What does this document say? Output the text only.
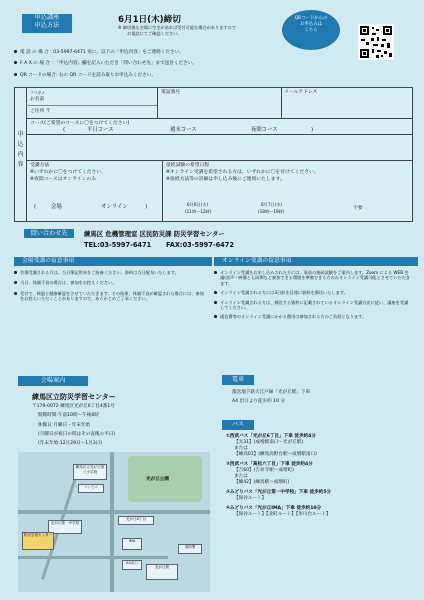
申込講座
申込方法
6月1日(木)締切
※ 締切後も会場に空きがあれば受付可能な場合がありますので
お電話にてご確認ください。
QRコードからの
お申込みは
こちら
電 話 の 場 合 : 03-5997-6471 宛に、以下の「申込内容」をご連絡ください。
F A X の 場 合 : 「申込内容」欄を記入いただき「問い合わせ先」まで送付ください。
QR コードの場合: 右の QR コードを読み取りお申込みください。
申
込
内
容
フリガナ
お名前
電話番号	メールアドレス
ご住所 〒
コース(ご希望のコースに〇をつけてください)
(	平日コース	週末コース	夜間コース	)
受講方法
※いずれかに〇をつけてください。
※夜間コースはオンラインのみ
(	会場	オンライン	)
接続試験の希望日程
※オンライン受講を希望される方は、いずれかに〇を付けてください。
※接続方法等の詳細は申し込み後にご連絡いたします。
6月6日(火)
(11時～12時)
6月7日(水)
(18時～19時)
不要
問い合わせ先	練馬区 危機管理室 区民防災課 防災学習センター
TEL:03-5997-6471 FAX:03-5997-6472
会場受講の留意事項
会場受講される方は、当日筆記用具をご持参ください。資料は当日配布いたします。
当日、体調不良の場合は、参加をお控えください。
受付で、検温と健康確認をさせていただきます。その結果、体調不良が確認された場合には、参加をお控えいただくことがありますので、あらかじめご了承ください。
オンライン受講の留意事項
オンライン受講をお申し込みされた方には、事前の接続試験をご案内します。Zoom による WEB 会議(音声・映像とも同期など参加できる環境を準備できる方のみオンライン受講可能とさせていただきます。
オンライン受講される方には3日前を目途に資料を郵送いたします。
オンライン受講される方は、郵送する資料に記載されているオンライン受講方法に従い、講座を受講してください。
通信費等のオンライン受講にかかる費用は参加される方のご負担となります。
会場案内
練馬区立防災学習センター
〒179-0072 練馬区光が丘6丁目4番1号
開館時間:午前10時～午後6時
休館日:月曜日・年末年始
(月曜日が祝日の時はその直後の平日)
(年末年始:12月29日～1月3日)
光が丘公園
練馬区立光が丘第八小学校
コンビニ
光が丘6丁目
光が丘第一中学校
防災学習センター
IMA
A4出口
光が丘駅
消防署
電車
都営地下鉄大江戸線「光が丘駅」下車
A4 出口より徒歩約 10 分
バス
①西武バス「光が丘6丁目」下車 徒歩約4分
【光31】(成増駅南口～光が丘駅)
または
【練高01】(練馬高野台駅～成増駅南口)
②西武バス「高松六丁目」下車 徒歩約4分
【吉60】(吉祥寺駅～成増町)
または
【練42】(練馬駅～成増町)
③みどりバス「光が丘第一中学校」下車 徒歩約5分
【保谷ルート】
④みどりバス「光が丘IMA」下車 徒歩約10分
【保谷ルート】【北町ルート】【氷川台ルート】
